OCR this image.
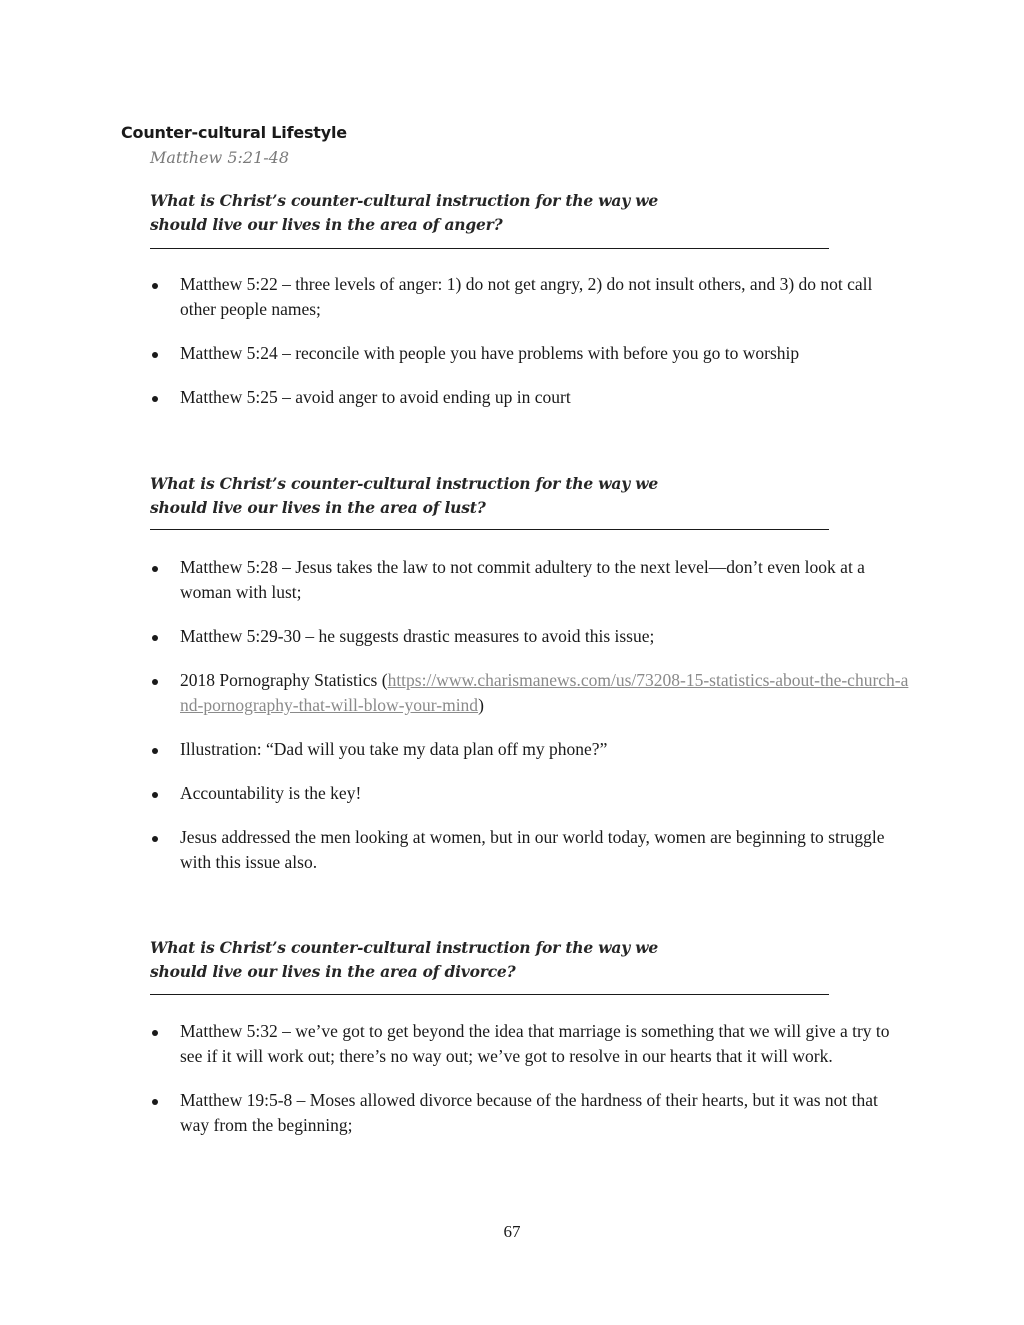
Counter-cultural Lifestyle
Matthew 5:21-48
What is Christ’s counter-cultural instruction for the way we
should live our lives in the area of anger?
Matthew 5:22 – three levels of anger: 1) do not get angry, 2) do not insult others, and 3) do not call other people names;
Matthew 5:24 – reconcile with people you have problems with before you go to worship
Matthew 5:25 – avoid anger to avoid ending up in court
What is Christ’s counter-cultural instruction for the way we
should live our lives in the area of lust?
Matthew 5:28 – Jesus takes the law to not commit adultery to the next level—don’t even look at a woman with lust;
Matthew 5:29-30 – he suggests drastic measures to avoid this issue;
2018 Pornography Statistics (https://www.charismanews.com/us/73208-15-statistics-about-the-church-and-pornography-that-will-blow-your-mind)
Illustration: “Dad will you take my data plan off my phone?”
Accountability is the key!
Jesus addressed the men looking at women, but in our world today, women are beginning to struggle with this issue also.
What is Christ’s counter-cultural instruction for the way we
should live our lives in the area of divorce?
Matthew 5:32 – we’ve got to get beyond the idea that marriage is something that we will give a try to see if it will work out; there’s no way out; we’ve got to resolve in our hearts that it will work.
Matthew 19:5-8 – Moses allowed divorce because of the hardness of their hearts, but it was not that way from the beginning;
67
